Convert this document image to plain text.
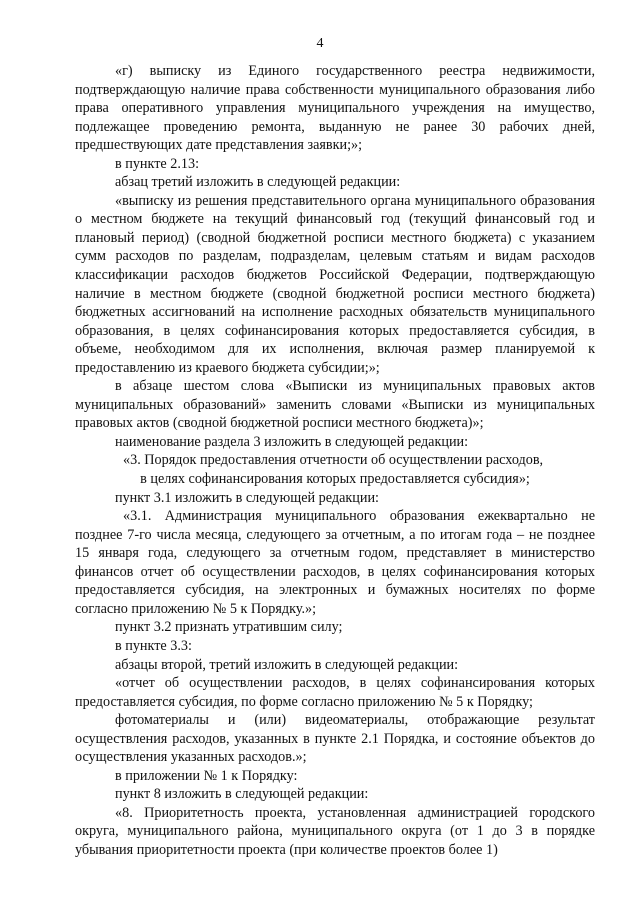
4

«г) выписку из Единого государственного реестра недвижимости, подтверждающую наличие права собственности муниципального образования либо права оперативного управления муниципального учреждения на имущество, подлежащее проведению ремонта, выданную не ранее 30 рабочих дней, предшествующих дате представления заявки;»;

в пункте 2.13:

абзац третий изложить в следующей редакции:

«выписку из решения представительного органа муниципального образования о местном бюджете на текущий финансовый год (текущий финансовый год и плановый период) (сводной бюджетной росписи местного бюджета) с указанием сумм расходов по разделам, подразделам, целевым статьям и видам расходов классификации расходов бюджетов Российской Федерации, подтверждающую наличие в местном бюджете (сводной бюджетной росписи местного бюджета) бюджетных ассигнований на исполнение расходных обязательств муниципального образования, в целях софинансирования которых предоставляется субсидия, в объеме, необходимом для их исполнения, включая размер планируемой к предоставлению из краевого бюджета субсидии;»;

в абзаце шестом слова «Выписки из муниципальных правовых актов муниципальных образований» заменить словами «Выписки из муниципальных правовых актов (сводной бюджетной росписи местного бюджета)»;

наименование раздела 3 изложить в следующей редакции:

«3. Порядок предоставления отчетности об осуществлении расходов,

в целях софинансирования которых предоставляется субсидия»;

пункт 3.1 изложить в следующей редакции:

«3.1. Администрация муниципального образования ежеквартально не позднее 7-го числа месяца, следующего за отчетным, а по итогам года – не позднее 15 января года, следующего за отчетным годом, представляет в министерство финансов отчет об осуществлении расходов, в целях софинансирования которых предоставляется субсидия, на электронных и бумажных носителях по форме согласно приложению № 5 к Порядку.»;

пункт 3.2 признать утратившим силу;

в пункте 3.3:

абзацы второй, третий изложить в следующей редакции:

«отчет об осуществлении расходов, в целях софинансирования которых предоставляется субсидия, по форме согласно приложению № 5 к Порядку;

фотоматериалы и (или) видеоматериалы, отображающие результат осуществления расходов, указанных в пункте 2.1 Порядка, и состояние объектов до осуществления указанных расходов.»;

в приложении № 1 к Порядку:

пункт 8 изложить в следующей редакции:

«8. Приоритетность проекта, установленная администрацией городского округа, муниципального района, муниципального округа (от 1 до 3 в порядке убывания приоритетности проекта (при количестве проектов более 1)
